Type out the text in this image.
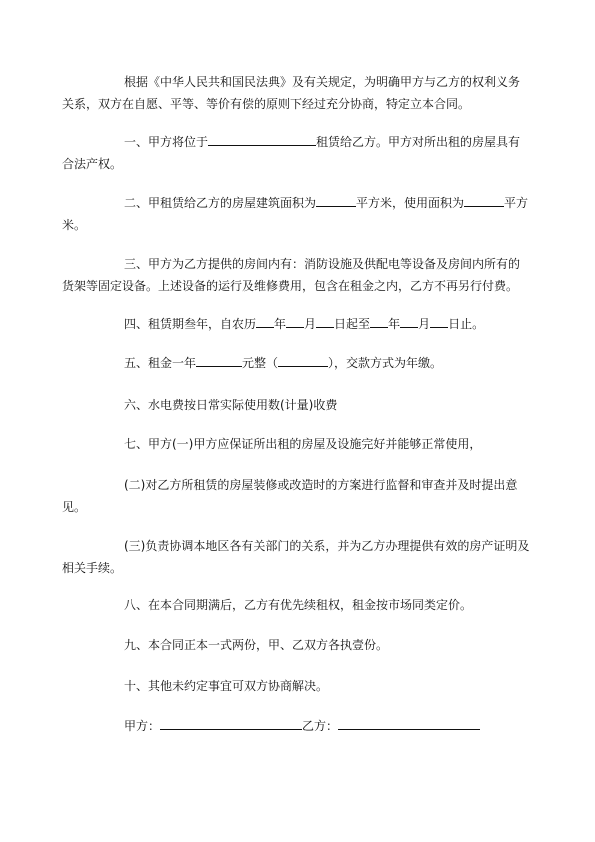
根据《中华人民共和国民法典》及有关规定，为明确甲方与乙方的权利义务关系，双方在自愿、平等、等价有偿的原则下经过充分协商，特定立本合同。

一、甲方将位于	租赁给乙方。甲方对所出租的房屋具有合法产权。

二、甲租赁给乙方的房屋建筑面积为	平方米，使用面积为	平方米。

三、甲方为乙方提供的房间内有：消防设施及供配电等设备及房间内所有的货架等固定设备。上述设备的运行及维修费用，包含在租金之内，乙方不再另行付费。

四、租赁期叁年，自农历 年 月 日起至 年 月 日止。

五、租金一年	元整（	），交款方式为年缴。

六、水电费按日常实际使用数(计量)收费

七、甲方(一)甲方应保证所出租的房屋及设施完好并能够正常使用，

(二)对乙方所租赁的房屋装修或改造时的方案进行监督和审查并及时提出意见。

(三)负责协调本地区各有关部门的关系，并为乙方办理提供有效的房产证明及相关手续。

八、在本合同期满后，乙方有优先续租权，租金按市场同类定价。

九、本合同正本一式两份，甲、乙双方各执壹份。

十、其他未约定事宜可双方协商解决。

甲方：	乙方：
